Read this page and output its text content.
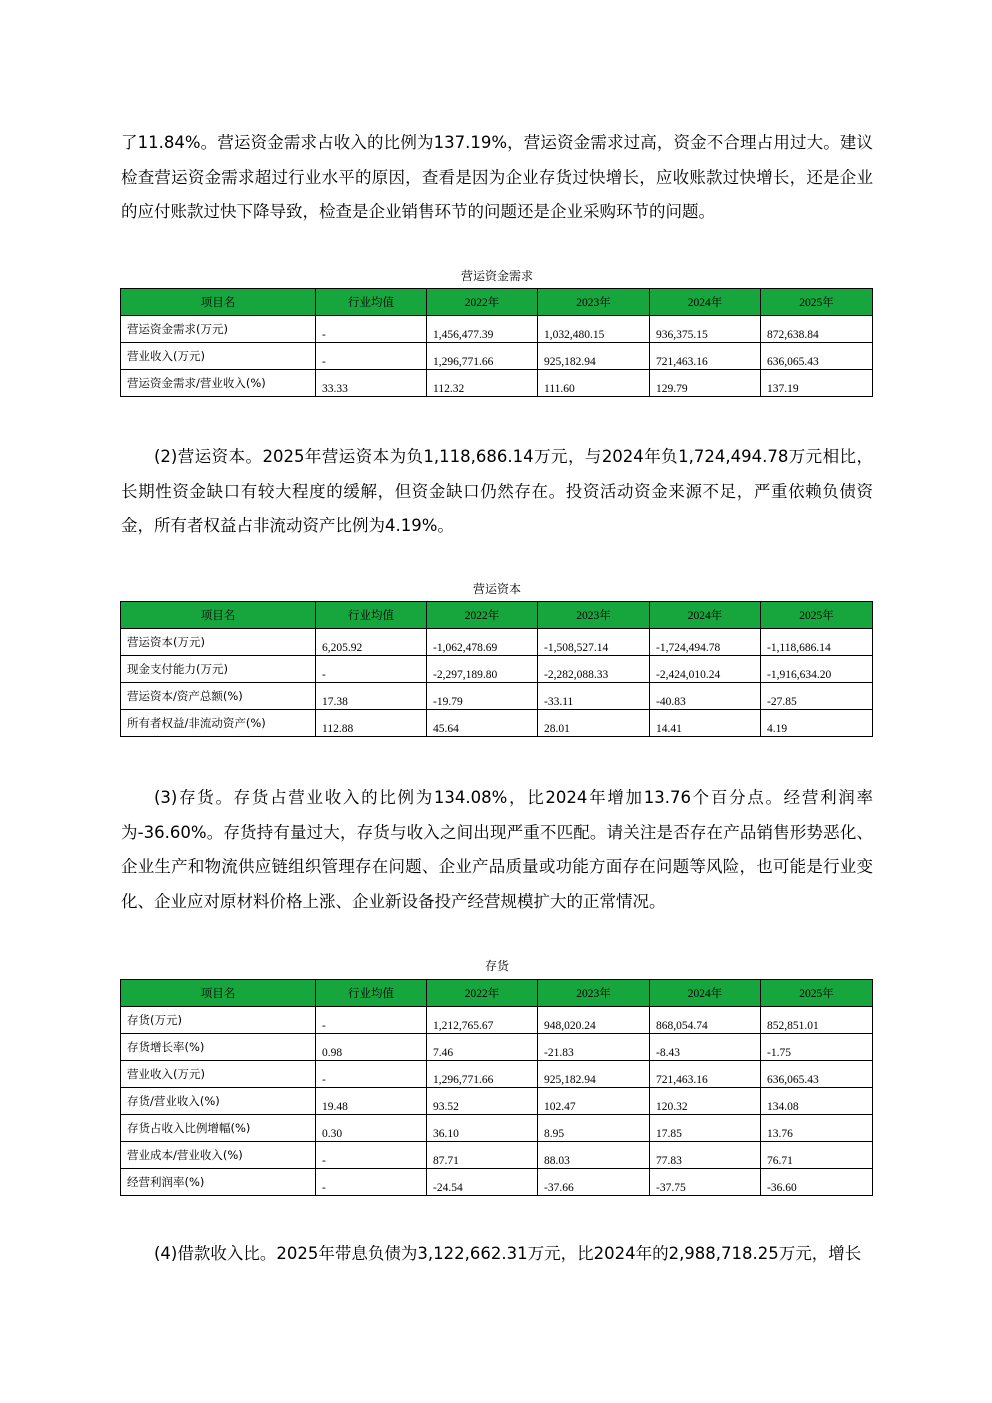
了11.84%。营运资金需求占收入的比例为137.19%，营运资金需求过高，资金不合理占用过大。建议检查营运资金需求超过行业水平的原因，查看是因为企业存货过快增长，应收账款过快增长，还是企业的应付账款过快下降导致，检查是企业销售环节的问题还是企业采购环节的问题。

营运资金需求
项目名	行业均值	2022年	2023年	2024年	2025年
营运资金需求(万元)	-	1,456,477.39	1,032,480.15	936,375.15	872,638.84

营业收入(万元)	-	1,296,771.66	925,182.94	721,463.16	636,065.43

营运资金需求/营业收入(%)	33.33	112.32	111.60	129.79	137.19

(2)营运资本。2025年营运资本为负1,118,686.14万元，与2024年负1,724,494.78万元相比，长期性资金缺口有较大程度的缓解，但资金缺口仍然存在。投资活动资金来源不足，严重依赖负债资金，所有者权益占非流动资产比例为4.19%。

营运资本
项目名	行业均值	2022年	2023年	2024年	2025年
营运资本(万元)	6,205.92	-1,062,478.69	-1,508,527.14	-1,724,494.78	-1,118,686.14

现金支付能力(万元)	-	-2,297,189.80	-2,282,088.33	-2,424,010.24	-1,916,634.20

营运资本/资产总额(%)	17.38	-19.79	-33.11	-40.83	-27.85

所有者权益/非流动资产(%)	112.88	45.64	28.01	14.41	4.19

(3)存货。存货占营业收入的比例为134.08%，比2024年增加13.76个百分点。经营利润率为-36.60%。存货持有量过大，存货与收入之间出现严重不匹配。请关注是否存在产品销售形势恶化、企业生产和物流供应链组织管理存在问题、企业产品质量或功能方面存在问题等风险，也可能是行业变化、企业应对原材料价格上涨、企业新设备投产经营规模扩大的正常情况。

存货
项目名	行业均值	2022年	2023年	2024年	2025年
存货(万元)	-	1,212,765.67	948,020.24	868,054.74	852,851.01

存货增长率(%)	0.98	7.46	-21.83	-8.43	-1.75

营业收入(万元)	-	1,296,771.66	925,182.94	721,463.16	636,065.43

存货/营业收入(%)	19.48	93.52	102.47	120.32	134.08

存货占收入比例增幅(%)	0.30	36.10	8.95	17.85	13.76

营业成本/营业收入(%)	-	87.71	88.03	77.83	76.71

经营利润率(%)	-	-24.54	-37.66	-37.75	-36.60

(4)借款收入比。2025年带息负债为3,122,662.31万元，比2024年的2,988,718.25万元，增长
